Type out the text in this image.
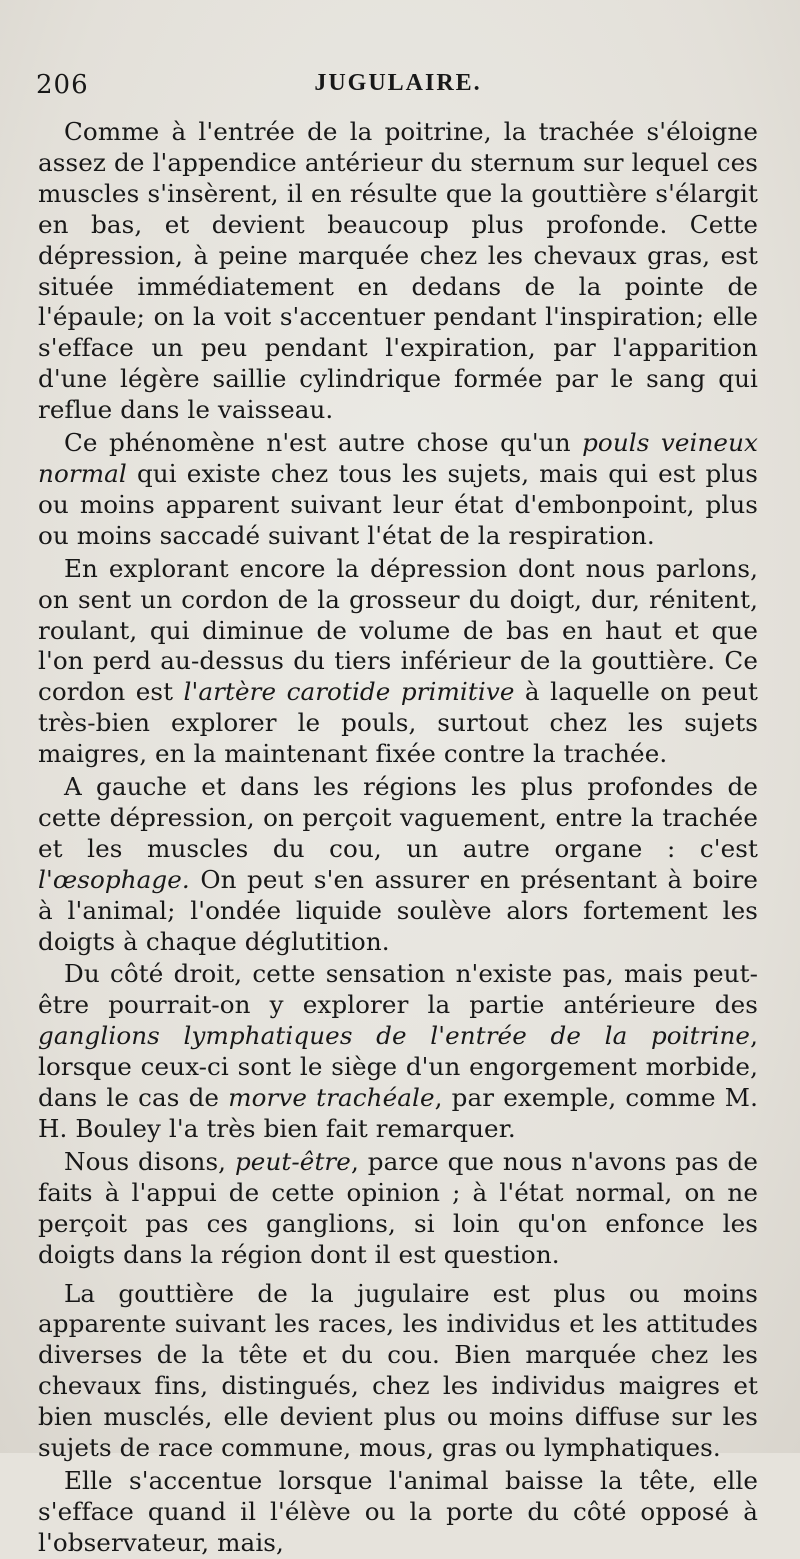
206	JUGULAIRE.

Comme à l'entrée de la poitrine, la trachée s'éloigne assez de l'appendice antérieur du sternum sur lequel ces muscles s'insèrent, il en résulte que la gouttière s'élargit en bas, et devient beaucoup plus profonde. Cette dépression, à peine marquée chez les chevaux gras, est située immédiatement en dedans de la pointe de l'épaule; on la voit s'accentuer pendant l'inspiration; elle s'efface un peu pendant l'expiration, par l'apparition d'une légère saillie cylindrique formée par le sang qui reflue dans le vaisseau.

Ce phénomène n'est autre chose qu'un pouls veineux normal qui existe chez tous les sujets, mais qui est plus ou moins apparent suivant leur état d'embonpoint, plus ou moins saccadé suivant l'état de la respiration.

En explorant encore la dépression dont nous parlons, on sent un cordon de la grosseur du doigt, dur, rénitent, roulant, qui diminue de volume de bas en haut et que l'on perd au-dessus du tiers inférieur de la gouttière. Ce cordon est l'artère carotide primitive à laquelle on peut très-bien explorer le pouls, surtout chez les sujets maigres, en la maintenant fixée contre la trachée.

A gauche et dans les régions les plus profondes de cette dépression, on perçoit vaguement, entre la trachée et les muscles du cou, un autre organe : c'est l'œsophage. On peut s'en assurer en présentant à boire à l'animal; l'ondée liquide soulève alors fortement les doigts à chaque déglutition.

Du côté droit, cette sensation n'existe pas, mais peut-être pourrait-on y explorer la partie antérieure des ganglions lymphatiques de l'entrée de la poitrine, lorsque ceux-ci sont le siège d'un engorgement morbide, dans le cas de morve trachéale, par exemple, comme M. H. Bouley l'a très bien fait remarquer.

Nous disons, peut-être, parce que nous n'avons pas de faits à l'appui de cette opinion ; à l'état normal, on ne perçoit pas ces ganglions, si loin qu'on enfonce les doigts dans la région dont il est question.

La gouttière de la jugulaire est plus ou moins apparente suivant les races, les individus et les attitudes diverses de la tête et du cou. Bien marquée chez les chevaux fins, distingués, chez les individus maigres et bien musclés, elle devient plus ou moins diffuse sur les sujets de race commune, mous, gras ou lymphatiques.

Elle s'accentue lorsque l'animal baisse la tête, elle s'efface quand il l'élève ou la porte du côté opposé à l'observateur, mais,
